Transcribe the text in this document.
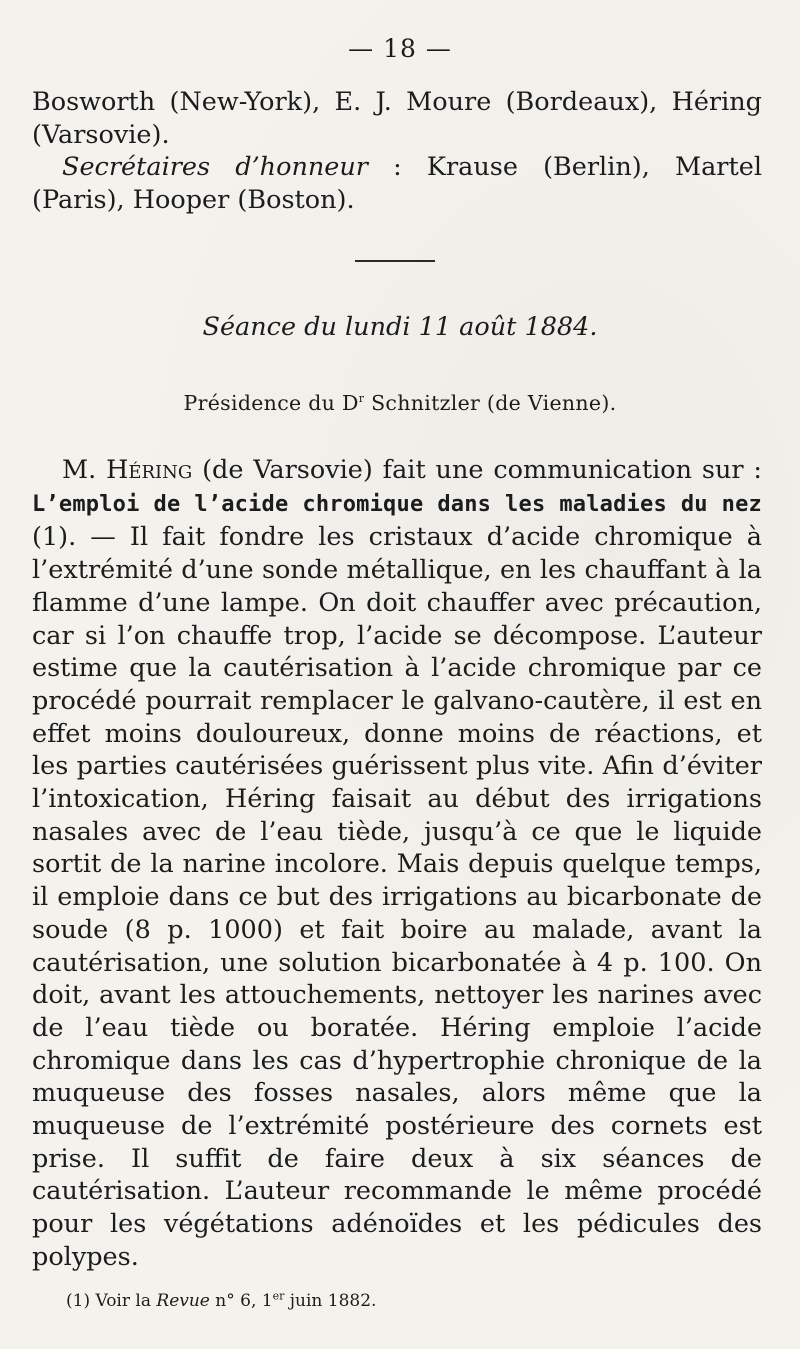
— 18 —

Bosworth (New-York), E. J. Moure (Bordeaux), Héring (Varsovie).

Secrétaires d’honneur : Krause (Berlin), Martel (Paris), Hooper (Boston).

Séance du lundi 11 août 1884.
Présidence du $D^r$ Schnitzler (de Vienne).

M. Héring (de Varsovie) fait une communication sur : L’emploi de l’acide chromique dans les maladies du nez (1). — Il fait fondre les cristaux d’acide chromique à l’extrémité d’une sonde métallique, en les chauffant à la flamme d’une lampe. On doit chauffer avec précaution, car si l’on chauffe trop, l’acide se décompose. L’auteur estime que la cautérisation à l’acide chromique par ce procédé pourrait remplacer le galvano-cautère, il est en effet moins douloureux, donne moins de réactions, et les parties cautérisées guérissent plus vite. Afin d’éviter l’intoxication, Héring faisait au début des irrigations nasales avec de l’eau tiède, jusqu’à ce que le liquide sortit de la narine incolore. Mais depuis quelque temps, il emploie dans ce but des irrigations au bicarbonate de soude (8 p. 1000) et fait boire au malade, avant la cautérisation, une solution bicarbonatée à 4 p. 100. On doit, avant les attouchements, nettoyer les narines avec de l’eau tiède ou boratée. Héring emploie l’acide chromique dans les cas d’hypertrophie chronique de la muqueuse des fosses nasales, alors même que la muqueuse de l’extrémité postérieure des cornets est prise. Il suffit de faire deux à six séances de cautérisation. L’auteur recommande le même procédé pour les végétations adénoïdes et les pédicules des polypes.

(1) Voir la Revue n° 6, 1er juin 1882.
